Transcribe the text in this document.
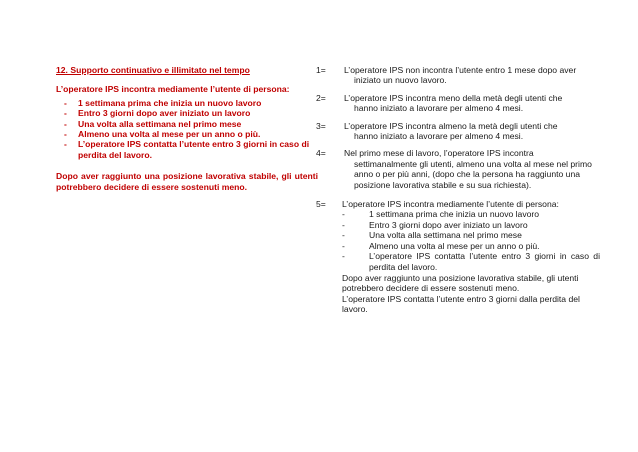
12. Supporto continuativo e illimitato nel tempo

L’operatore IPS incontra mediamente l’utente di persona:

- 1 settimana prima che inizia un nuovo lavoro
- Entro 3 giorni dopo aver iniziato un lavoro
- Una volta alla settimana nel primo mese
- Almeno una volta al mese per un anno o più.
- L’operatore IPS contatta l’utente entro 3 giorni in caso di perdita del lavoro.

Dopo aver raggiunto una posizione lavorativa stabile, gli utenti potrebbero decidere di essere sostenuti meno.

1= L’operatore IPS non incontra l’utente entro 1 mese dopo aver
iniziato un nuovo lavoro.
2= L’operatore IPS incontra meno della metà degli utenti che
hanno iniziato a lavorare per almeno 4 mesi.
3= L’operatore IPS incontra almeno la metà degli utenti che
hanno iniziato a lavorare per almeno 4 mesi.
4= Nel primo mese di lavoro, l’operatore IPS incontra
settimanalmente gli utenti, almeno una volta al mese nel primo anno o per più anni, (dopo che la persona ha raggiunto una posizione lavorativa stabile e su sua richiesta).
5= L’operatore IPS incontra mediamente l’utente di persona:
-	1 settimana prima che inizia un nuovo lavoro
-	Entro 3 giorni dopo aver iniziato un lavoro
-	Una volta alla settimana nel primo mese
-	Almeno una volta al mese per un anno o più.
-	L’operatore IPS contatta l’utente entro 3 giorni in caso di perdita del lavoro.
Dopo aver raggiunto una posizione lavorativa stabile, gli utenti potrebbero decidere di essere sostenuti meno.
L’operatore IPS contatta l’utente entro 3 giorni dalla perdita del lavoro.
